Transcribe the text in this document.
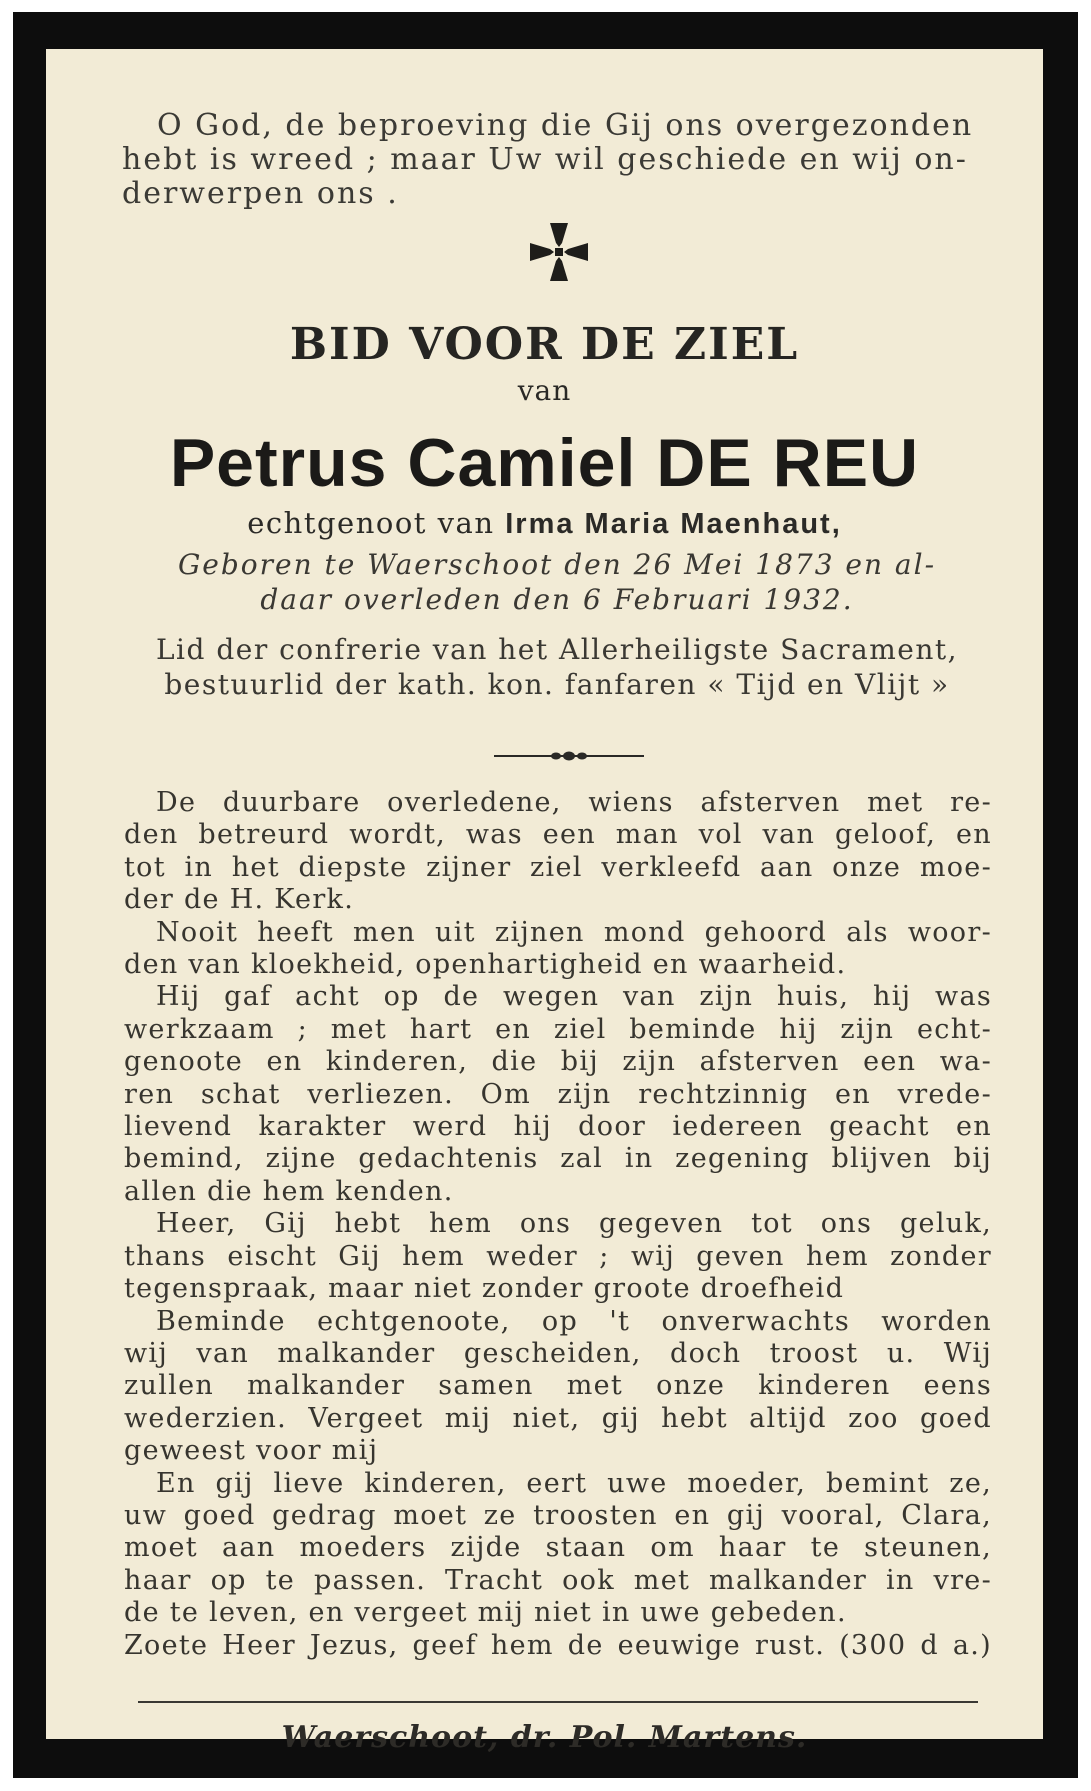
O God, de beproeving die Gij ons overgezonden
hebt is wreed ; maar Uw wil geschiede en wij on-
derwerpen ons .
BID VOOR DE ZIEL
van
Petrus Camiel DE REU
echtgenoot van Irma Maria Maenhaut,
Geboren te Waerschoot den 26 Mei 1873 en al-
daar overleden den 6 Februari 1932.
Lid der confrerie van het Allerheiligste Sacrament,
bestuurlid der kath. kon. fanfaren « Tijd en Vlijt »
De duurbare overledene, wiens afsterven met re-
den betreurd wordt, was een man vol van geloof, en
tot in het diepste zijner ziel verkleefd aan onze moe-
der de H. Kerk.
Nooit heeft men uit zijnen mond gehoord als woor-
den van kloekheid, openhartigheid en waarheid.
Hij gaf acht op de wegen van zijn huis, hij was
werkzaam ; met hart en ziel beminde hij zijn echt-
genoote en kinderen, die bij zijn afsterven een wa-
ren schat verliezen. Om zijn rechtzinnig en vrede-
lievend karakter werd hij door iedereen geacht en
bemind, zijne gedachtenis zal in zegening blijven bij
allen die hem kenden.
Heer, Gij hebt hem ons gegeven tot ons geluk,
thans eischt Gij hem weder ; wij geven hem zonder
tegenspraak, maar niet zonder groote droefheid
Beminde echtgenoote, op 't onverwachts worden
wij van malkander gescheiden, doch troost u. Wij
zullen malkander samen met onze kinderen eens
wederzien. Vergeet mij niet, gij hebt altijd zoo goed
geweest voor mij
En gij lieve kinderen, eert uwe moeder, bemint ze,
uw goed gedrag moet ze troosten en gij vooral, Clara,
moet aan moeders zijde staan om haar te steunen,
haar op te passen. Tracht ook met malkander in vre-
de te leven, en vergeet mij niet in uwe gebeden.
Zoete Heer Jezus, geef hem de eeuwige rust. (300 d a.)
Waerschoot, dr. Pol. Martens.
